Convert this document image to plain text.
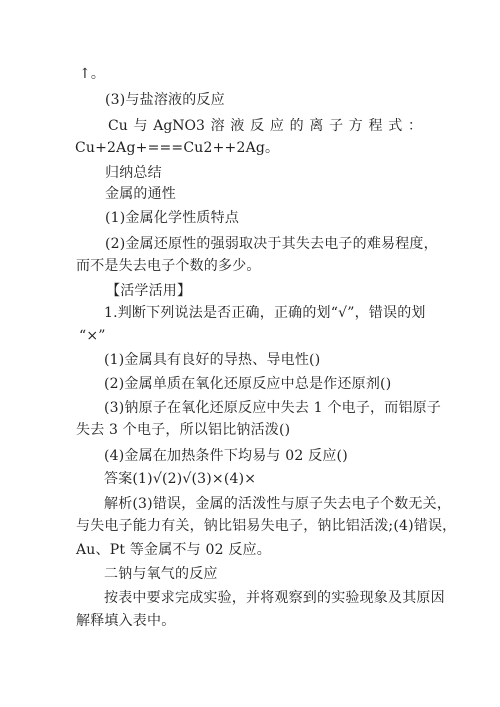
↑。
(3)与盐溶液的反应
Cu 与 AgNO3 溶 液 反 应 的 离 子 方 程 式 ：
Cu+2Ag+===Cu2++2Ag。
归纳总结
金属的通性
(1)金属化学性质特点
(2)金属还原性的强弱取决于其失去电子的难易程度，
而不是失去电子个数的多少。
【活学活用】
1.判断下列说法是否正确，正确的划“√”，错误的划
“×”
(1)金属具有良好的导热、导电性()
(2)金属单质在氧化还原反应中总是作还原剂()
(3)钠原子在氧化还原反应中失去 1 个电子，而铝原子
失去 3 个电子，所以铝比钠活泼()
(4)金属在加热条件下均易与 02 反应()
答案(1)√(2)√(3)×(4)×
解析(3)错误，金属的活泼性与原子失去电子个数无关，
与失电子能力有关，钠比铝易失电子，钠比铝活泼;(4)错误，
Au、Pt 等金属不与 02 反应。
二钠与氧气的反应
按表中要求完成实验，并将观察到的实验现象及其原因
解释填入表中。
